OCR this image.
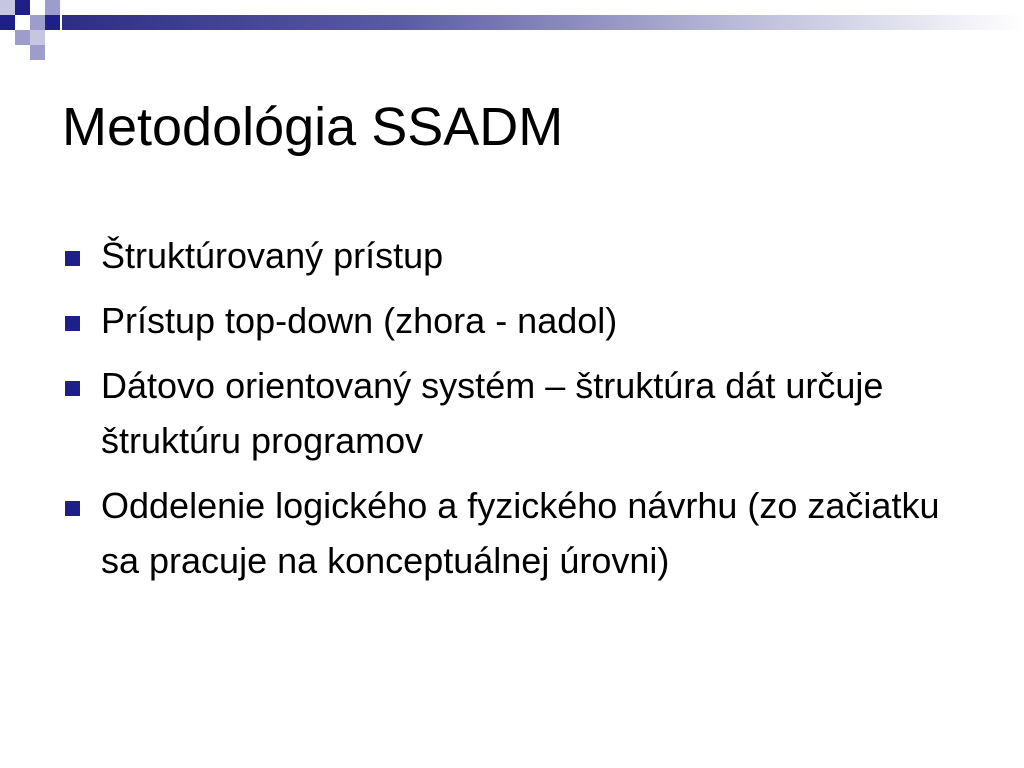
Metodológia SSADM
Štruktúrovaný prístup
Prístup top-down (zhora - nadol)
Dátovo orientovaný systém – štruktúra dát určuje štruktúru programov
Oddelenie logického a fyzického návrhu (zo začiatku sa pracuje na konceptuálnej úrovni)
